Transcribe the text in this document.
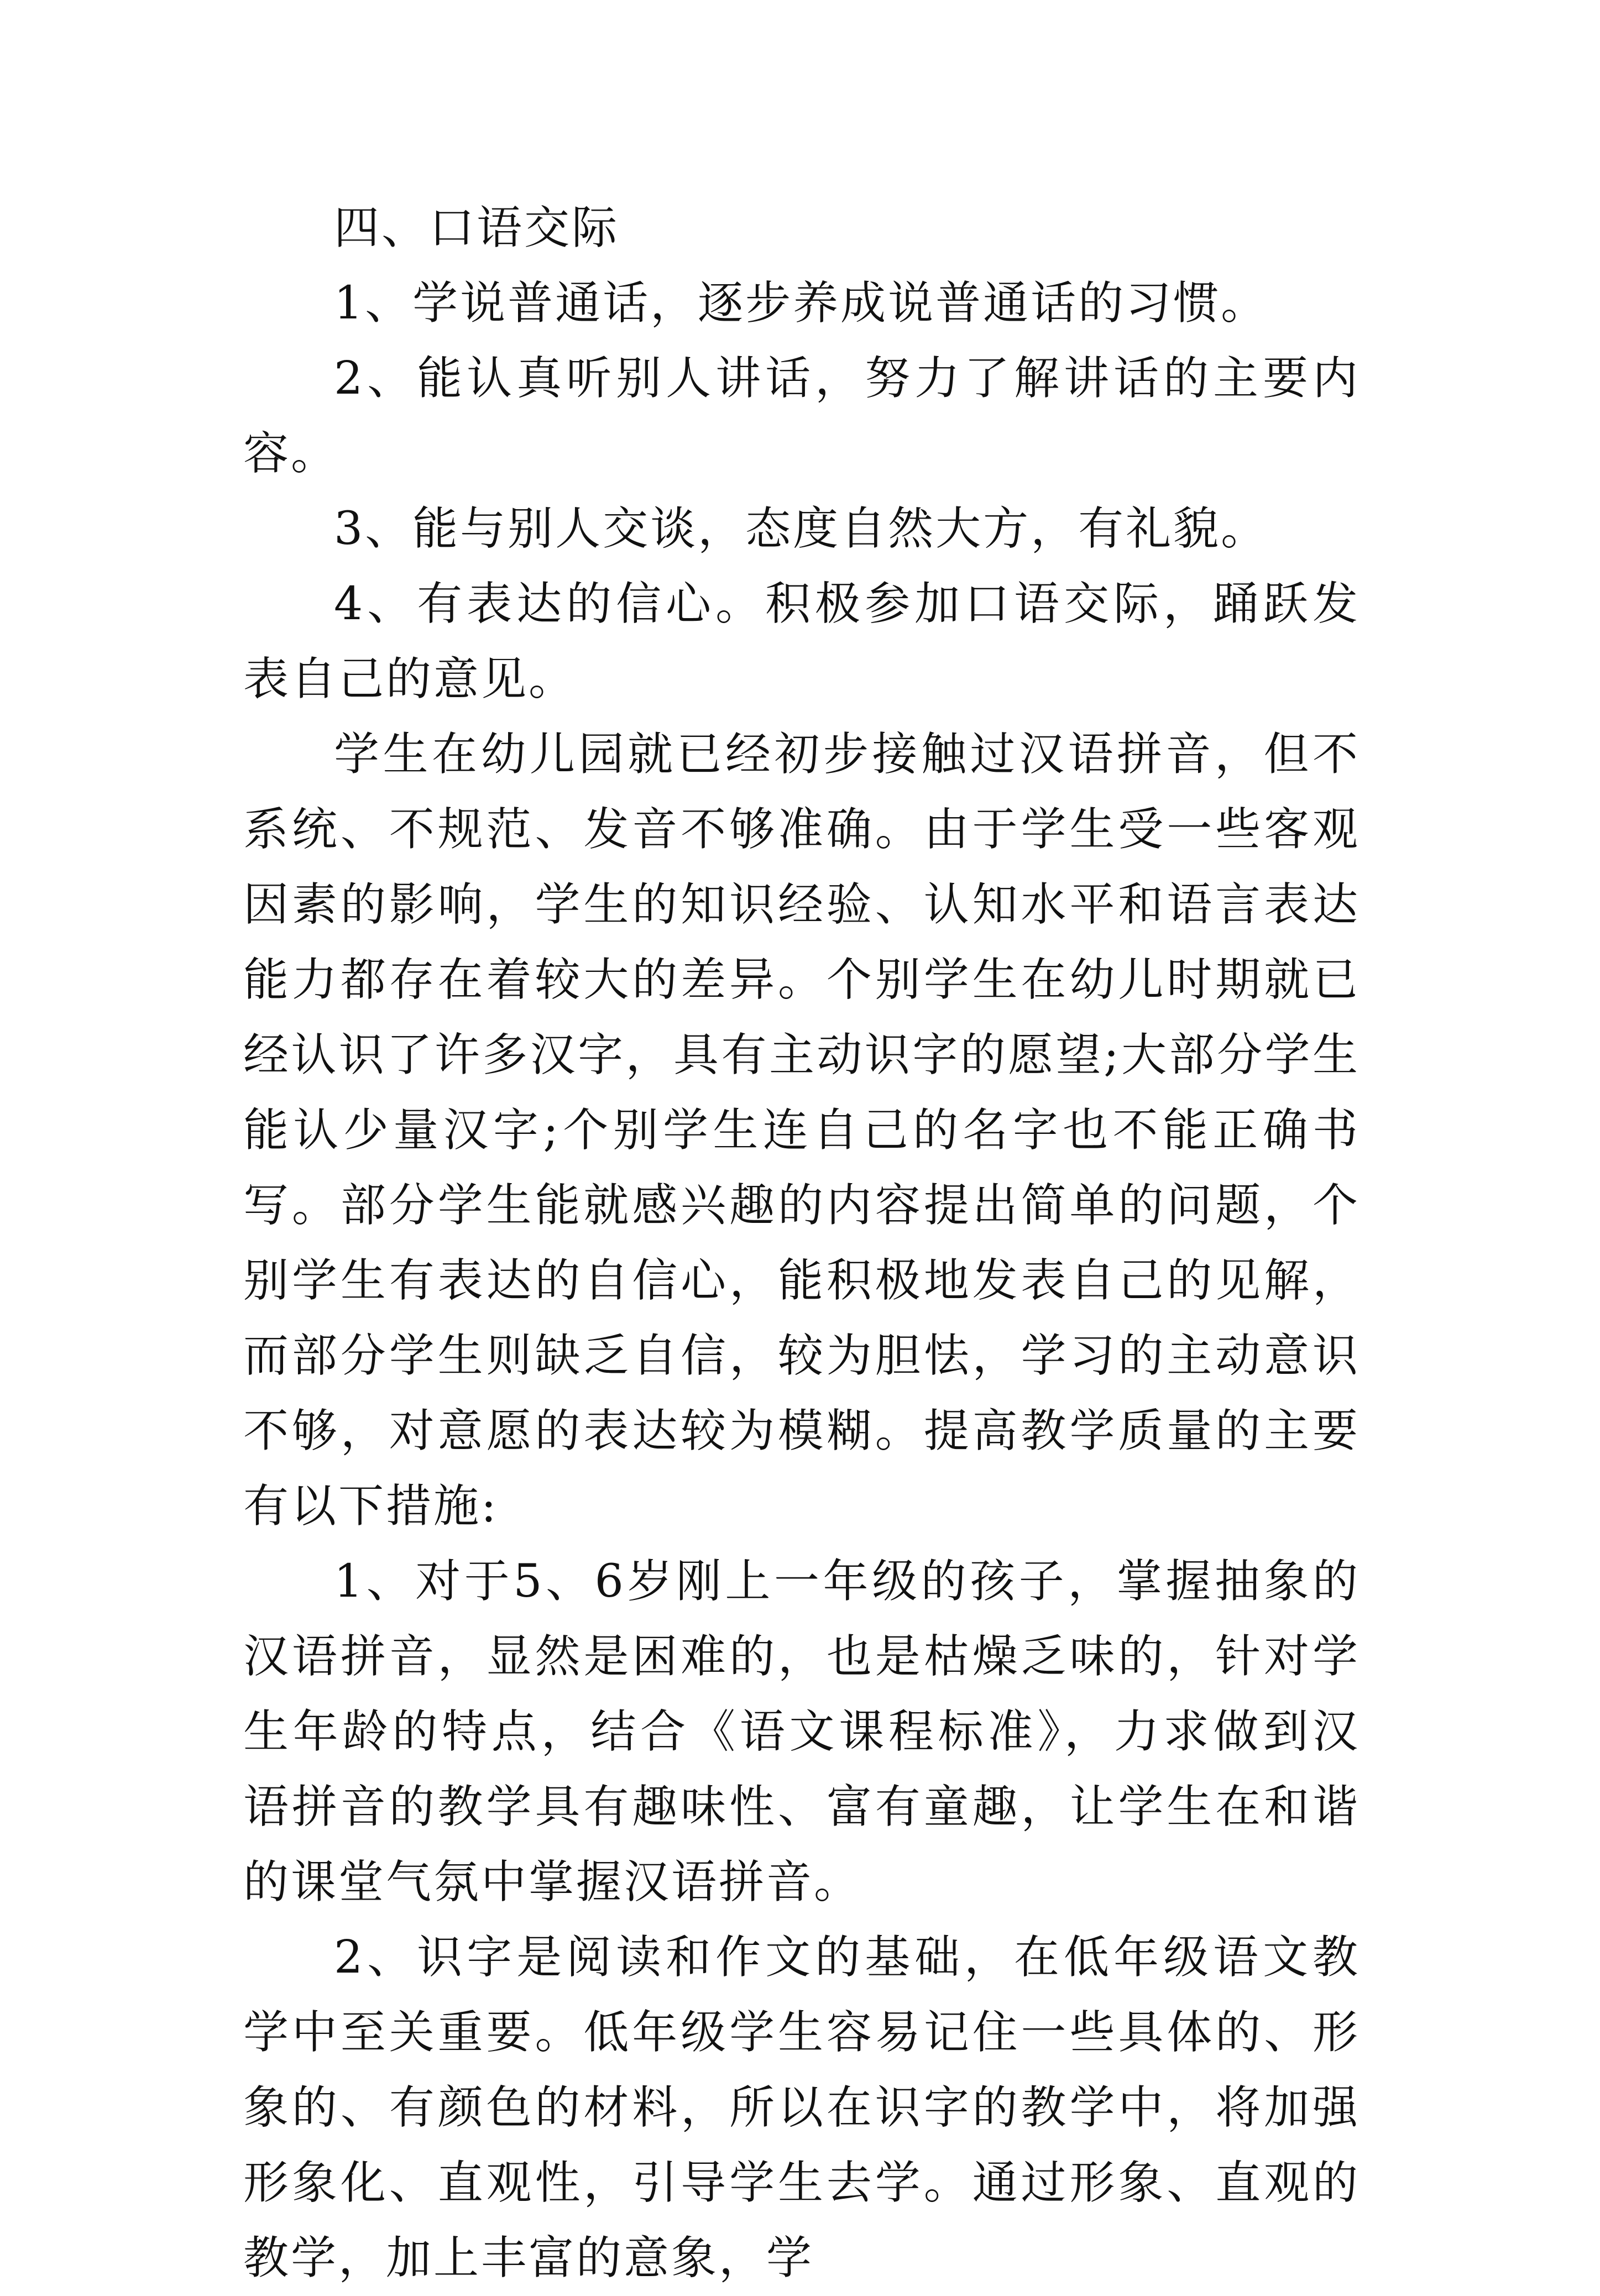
四、口语交际

1、学说普通话，逐步养成说普通话的习惯。

2、能认真听别人讲话，努力了解讲话的主要内容。

3、能与别人交谈，态度自然大方，有礼貌。

4、有表达的信心。积极参加口语交际，踊跃发表自己的意见。

学生在幼儿园就已经初步接触过汉语拼音，但不系统、不规范、发音不够准确。由于学生受一些客观因素的影响，学生的知识经验、认知水平和语言表达能力都存在着较大的差异。个别学生在幼儿时期就已经认识了许多汉字，具有主动识字的愿望;大部分学生能认少量汉字;个别学生连自己的名字也不能正确书写。部分学生能就感兴趣的内容提出简单的问题，个别学生有表达的自信心，能积极地发表自己的见解，而部分学生则缺乏自信，较为胆怯，学习的主动意识不够，对意愿的表达较为模糊。提高教学质量的主要有以下措施:

1、对于5、6岁刚上一年级的孩子，掌握抽象的汉语拼音，显然是困难的，也是枯燥乏味的，针对学生年龄的特点，结合《语文课程标准》，力求做到汉语拼音的教学具有趣味性、富有童趣，让学生在和谐的课堂气氛中掌握汉语拼音。

2、识字是阅读和作文的基础，在低年级语文教学中至关重要。低年级学生容易记住一些具体的、形象的、有颜色的材料，所以在识字的教学中，将加强形象化、直观性，引导学生去学。通过形象、直观的教学，加上丰富的意象，学
